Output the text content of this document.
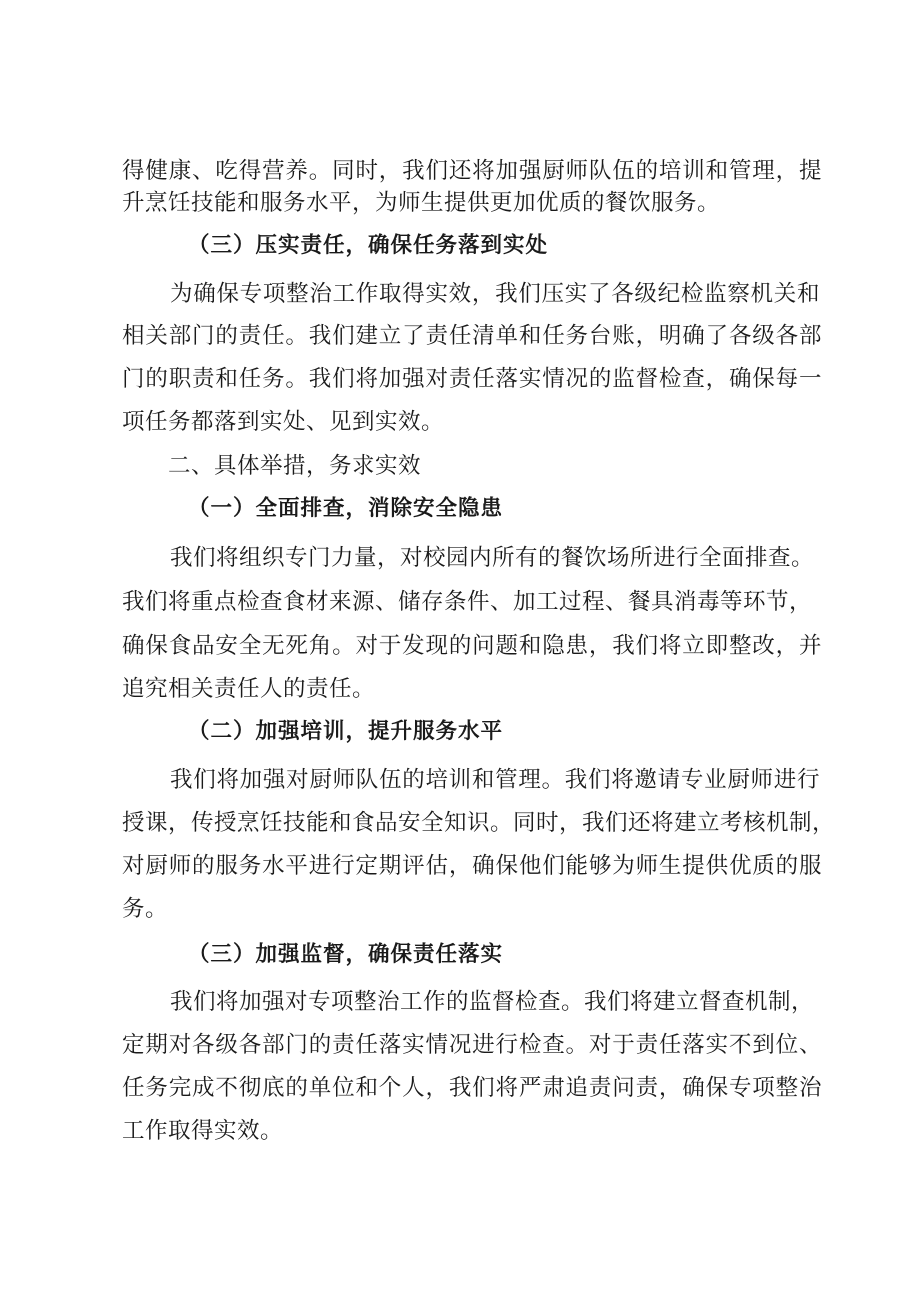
得健康、吃得营养。同时，我们还将加强厨师队伍的培训和管理，提
升烹饪技能和服务水平，为师生提供更加优质的餐饮服务。
（三）压实责任，确保任务落到实处
为确保专项整治工作取得实效，我们压实了各级纪检监察机关和
相关部门的责任。我们建立了责任清单和任务台账，明确了各级各部
门的职责和任务。我们将加强对责任落实情况的监督检查，确保每一
项任务都落到实处、见到实效。
二、具体举措，务求实效
（一）全面排查，消除安全隐患
我们将组织专门力量，对校园内所有的餐饮场所进行全面排查。
我们将重点检查食材来源、储存条件、加工过程、餐具消毒等环节，
确保食品安全无死角。对于发现的问题和隐患，我们将立即整改，并
追究相关责任人的责任。
（二）加强培训，提升服务水平
我们将加强对厨师队伍的培训和管理。我们将邀请专业厨师进行
授课，传授烹饪技能和食品安全知识。同时，我们还将建立考核机制，
对厨师的服务水平进行定期评估，确保他们能够为师生提供优质的服
务。
（三）加强监督，确保责任落实
我们将加强对专项整治工作的监督检查。我们将建立督查机制，
定期对各级各部门的责任落实情况进行检查。对于责任落实不到位、
任务完成不彻底的单位和个人，我们将严肃追责问责，确保专项整治
工作取得实效。
